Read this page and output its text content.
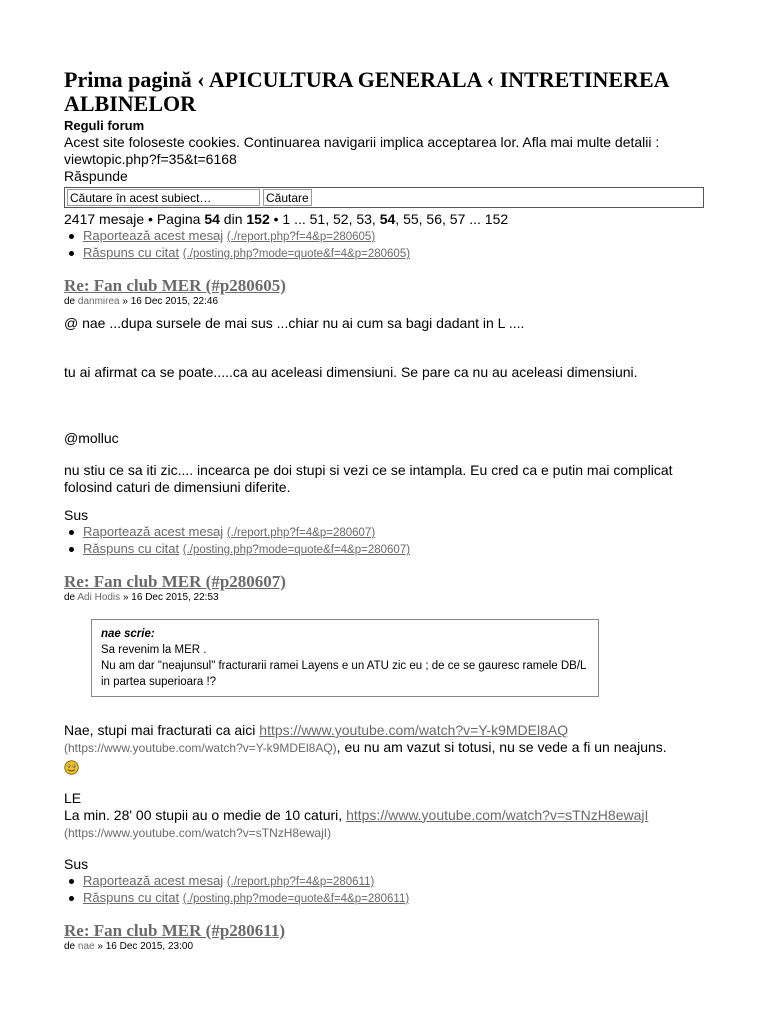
Prima pagină ‹ APICULTURA GENERALA ‹ INTRETINEREA ALBINELOR

Reguli forum

Acest site foloseste cookies. Continuarea navigarii implica acceptarea lor. Afla mai multe detalii : viewtopic.php?f=35&t=6168

Răspunde

Căutare în acest subiect…
Căutare
2417 mesaje • Pagina 54 din 152 • 1 ... 51, 52, 53, 54, 55, 56, 57 ... 152
Raportează acest mesaj (./report.php?f=4&p=280605)
Răspuns cu citat (./posting.php?mode=quote&f=4&p=280605)
Re: Fan club MER (#p280605)

de danmirea » 16 Dec 2015, 22:46

@ nae ...dupa sursele de mai sus ...chiar nu ai cum sa bagi dadant in L ....

tu ai afirmat ca se poate.....ca au aceleasi dimensiuni. Se pare ca nu au aceleasi dimensiuni.

@molluc

nu stiu ce sa iti zic.... incearca pe doi stupi si vezi ce se intampla. Eu cred ca e putin mai complicat folosind caturi de dimensiuni diferite.

Sus

Raportează acest mesaj (./report.php?f=4&p=280607)
Răspuns cu citat (./posting.php?mode=quote&f=4&p=280607)
Re: Fan club MER (#p280607)

de Adi Hodis » 16 Dec 2015, 22:53

nae scrie:
Sa revenim la MER .
Nu am dar "neajunsul" fracturarii ramei Layens e un ATU zic eu ; de ce se gauresc ramele DB/L in partea superioara !?

Nae, stupi mai fracturati ca aici https://www.youtube.com/watch?v=Y-k9MDEl8AQ
(https://www.youtube.com/watch?v=Y-k9MDEl8AQ), eu nu am vazut si totusi, nu se vede a fi un neajuns.

LE

La min. 28' 00 stupii au o medie de 10 caturi, https://www.youtube.com/watch?v=sTNzH8ewajI
(https://www.youtube.com/watch?v=sTNzH8ewajI)

Sus

Raportează acest mesaj (./report.php?f=4&p=280611)
Răspuns cu citat (./posting.php?mode=quote&f=4&p=280611)
Re: Fan club MER (#p280611)

de nae » 16 Dec 2015, 23:00
